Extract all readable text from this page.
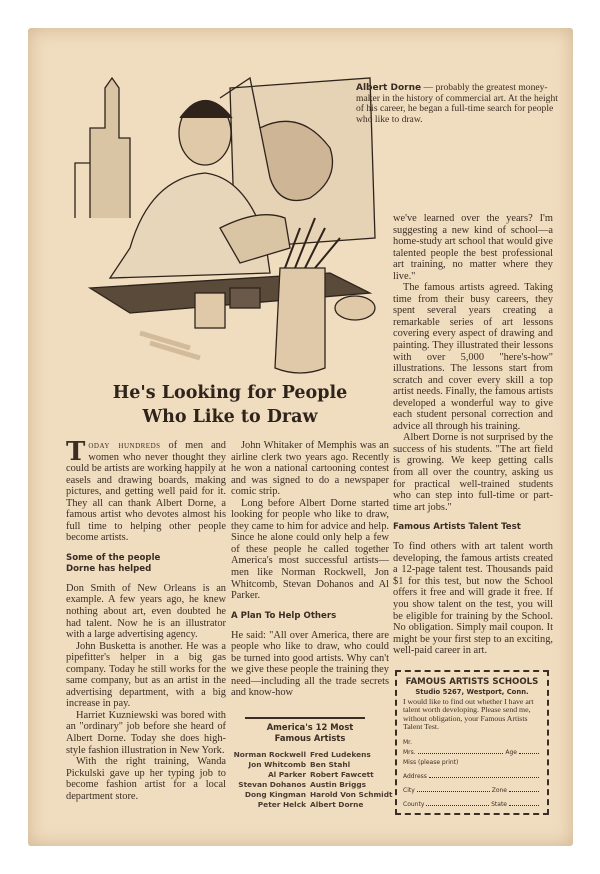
Albert Dorne — probably the greatest money-maker in the history of commercial art. At the height of his career, he began a full-time search for people who like to draw.
He's Looking for People
Who Like to Draw

Today hundreds of men and women who never thought they could be artists are working happily at easels and drawing boards, making pictures, and getting well paid for it. They all can thank Albert Dorne, a famous artist who devotes almost his full time to helping other people become artists.

Some of the people
Dorne has helped

Don Smith of New Orleans is an example. A few years ago, he knew nothing about art, even doubted he had talent. Now he is an illustrator with a large advertising agency.

John Busketta is another. He was a pipefitter's helper in a big gas company. Today he still works for the same company, but as an artist in the advertising department, with a big increase in pay.

Harriet Kuzniewski was bored with an "ordinary" job before she heard of Albert Dorne. Today she does high-style fashion illustration in New York.

With the right training, Wanda Pickulski gave up her typing job to become fashion artist for a local department store.

John Whitaker of Memphis was an airline clerk two years ago. Recently he won a national cartooning contest and was signed to do a newspaper comic strip.

Long before Albert Dorne started looking for people who like to draw, they came to him for advice and help. Since he alone could only help a few of these people he called together America's most successful artists—men like Norman Rockwell, Jon Whitcomb, Stevan Dohanos and Al Parker.

A Plan To Help Others

He said: "All over America, there are people who like to draw, who could be turned into good artists. Why can't we give these people the training they need—including all the trade secrets and know-how

America's 12 Most
Famous Artists
Norman Rockwell Fred Ludekens
Jon Whitcomb Ben Stahl
Al Parker Robert Fawcett
Stevan Dohanos Austin Briggs
Dong Kingman Harold Von Schmidt
Peter Helck Albert Dorne

we've learned over the years? I'm suggesting a new kind of school—a home-study art school that would give talented people the best professional art training, no matter where they live."

The famous artists agreed. Taking time from their busy careers, they spent several years creating a remarkable series of art lessons covering every aspect of drawing and painting. They illustrated their lessons with over 5,000 "here's-how" illustrations. The lessons start from scratch and cover every skill a top artist needs. Finally, the famous artists developed a wonderful way to give each student personal correction and advice all through his training.

Albert Dorne is not surprised by the success of his students. "The art field is growing. We keep getting calls from all over the country, asking us for practical well-trained students who can step into full-time or part-time art jobs."

Famous Artists Talent Test

To find others with art talent worth developing, the famous artists created a 12-page talent test. Thousands paid $1 for this test, but now the School offers it free and will grade it free. If you show talent on the test, you will be eligible for training by the School. No obligation. Simply mail coupon. It might be your first step to an exciting, well-paid career in art.

FAMOUS ARTISTS SCHOOLS
Studio 5267, Westport, Conn.
I would like to find out whether I have art talent worth developing. Please send me, without obligation, your Famous Artists Talent Test.
Mr.
Mrs.	Age
Miss (please print)
Address
City	Zone
County	State
